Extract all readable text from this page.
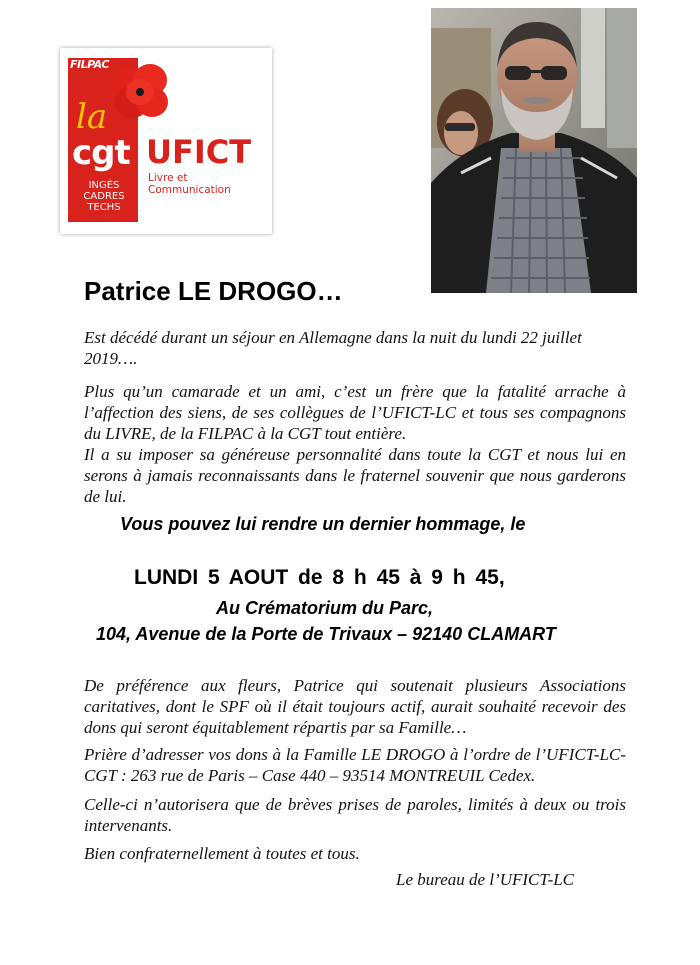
FILPAC
la
cgt
INGÉS
CADRES
TECHS
UFICT
Livre et Communication
Patrice LE DROGO…

Est décédé durant un séjour en Allemagne dans la nuit du lundi 22 juillet 2019….

Plus qu’un camarade et un ami, c’est un frère que la fatalité arrache à l’affection des siens, de ses collègues de l’UFICT-LC et tous ses compagnons du LIVRE, de la FILPAC à la CGT tout entière.
Il a su imposer sa généreuse personnalité dans toute la CGT et nous lui en serons à jamais reconnaissants dans le fraternel souvenir que nous garderons de lui.
Vous pouvez lui rendre un dernier hommage, le
LUNDI 5 AOUT de 8 h 45 à 9 h 45,
Au Crématorium du Parc,
104, Avenue de la Porte de Trivaux – 92140 CLAMART

De préférence aux fleurs, Patrice qui soutenait plusieurs Associations caritatives, dont le SPF où il était toujours actif, aurait souhaité recevoir des dons qui seront équitablement répartis par sa Famille…

Prière d’adresser vos dons à la Famille LE DROGO à l’ordre de l’UFICT-LC-CGT : 263 rue de Paris – Case 440 – 93514 MONTREUIL Cedex.

Celle-ci n’autorisera que de brèves prises de paroles, limités à deux ou trois intervenants.

Bien confraternellement à toutes et tous.

Le bureau de l’UFICT-LC
